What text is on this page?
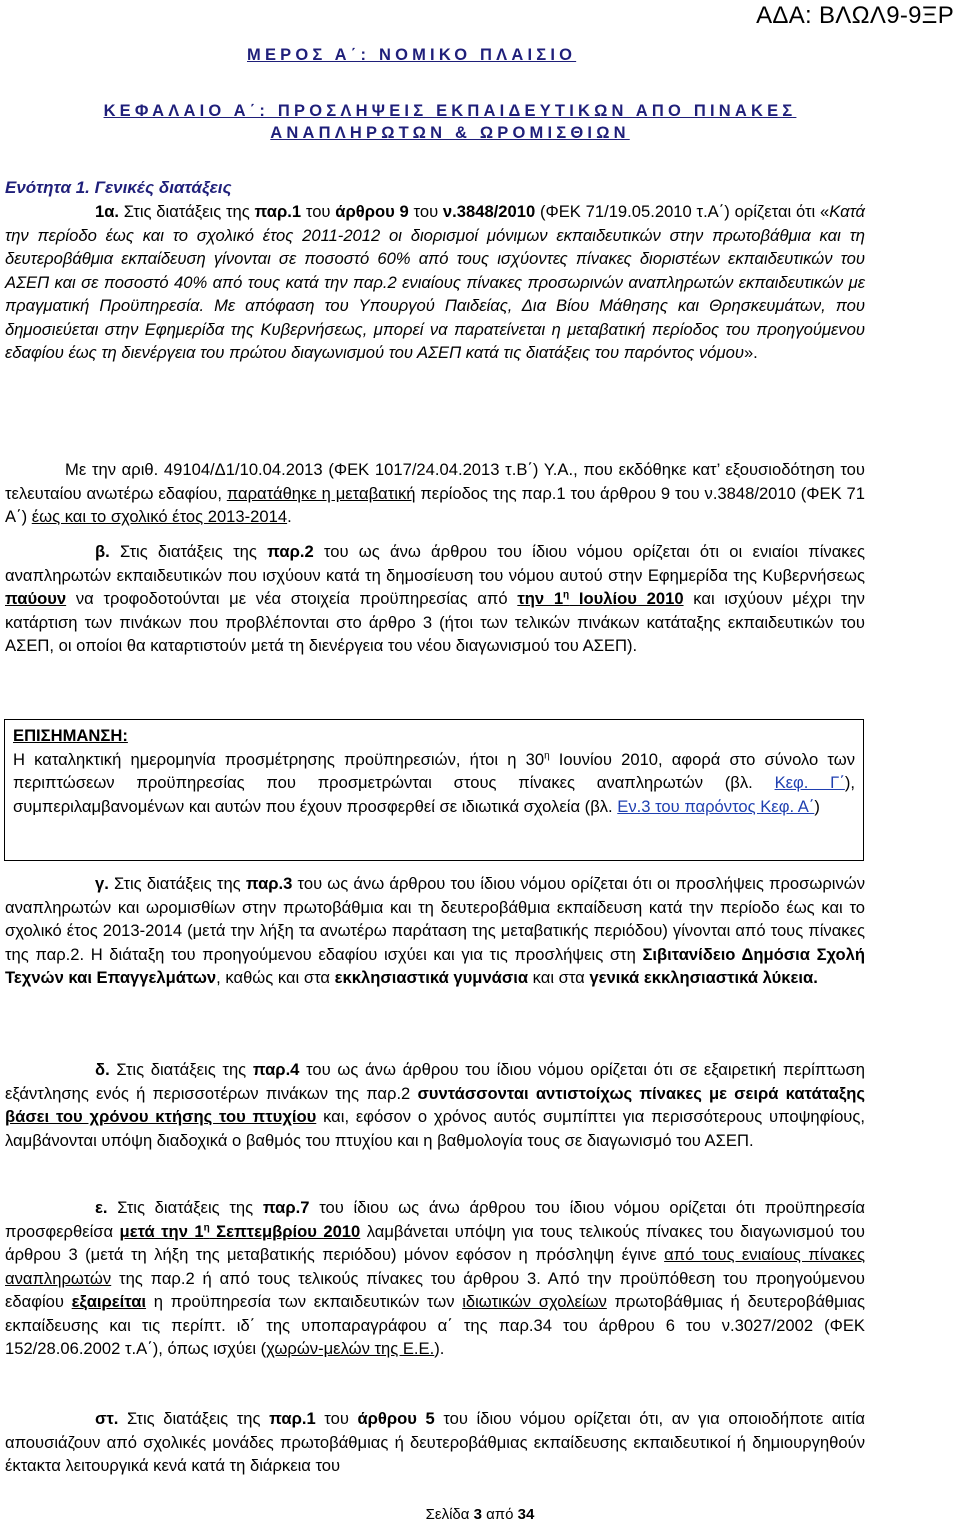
ΑΔΑ: ΒΛΩΛ9-9ΞΡ
ΜΕΡΟΣ Α΄: ΝΟΜΙΚΟ ΠΛΑΙΣΙΟ
ΚΕΦΑΛΑΙΟ Α΄: ΠΡΟΣΛΗΨΕΙΣ ΕΚΠΑΙΔΕΥΤΙΚΩΝ ΑΠΟ ΠΙΝΑΚΕΣ ΑΝΑΠΛΗΡΩΤΩΝ & ΩΡΟΜΙΣΘΙΩΝ
Ενότητα 1. Γενικές διατάξεις
1α. Στις διατάξεις της παρ.1 του άρθρου 9 του ν.3848/2010 (ΦΕΚ 71/19.05.2010 τ.Α΄) ορίζεται ότι «Κατά την περίοδο έως και το σχολικό έτος 2011-2012 οι διορισμοί μόνιμων εκπαιδευτικών στην πρωτοβάθμια και τη δευτεροβάθμια εκπαίδευση γίνονται σε ποσοστό 60% από τους ισχύοντες πίνακες διοριστέων εκπαιδευτικών του ΑΣΕΠ και σε ποσοστό 40% από τους κατά την παρ.2 ενιαίους πίνακες προσωρινών αναπληρωτών εκπαιδευτικών με πραγματική Προϋπηρεσία. Με απόφαση του Υπουργού Παιδείας, Δια Βίου Μάθησης και Θρησκευμάτων, που δημοσιεύεται στην Εφημερίδα της Κυβερνήσεως, μπορεί να παρατείνεται η μεταβατική περίοδος του προηγούμενου εδαφίου έως τη διενέργεια του πρώτου διαγωνισμού του ΑΣΕΠ κατά τις διατάξεις του παρόντος νόμου».
Με την αριθ. 49104/Δ1/10.04.2013 (ΦΕΚ 1017/24.04.2013 τ.Β΄) Υ.Α., που εκδόθηκε κατ’ εξουσιοδότηση του τελευταίου ανωτέρω εδαφίου, παρατάθηκε η μεταβατική περίοδος της παρ.1 του άρθρου 9 του ν.3848/2010 (ΦΕΚ 71 Α΄) έως και το σχολικό έτος 2013-2014.
β. Στις διατάξεις της παρ.2 του ως άνω άρθρου του ίδιου νόμου ορίζεται ότι οι ενιαίοι πίνακες αναπληρωτών εκπαιδευτικών που ισχύουν κατά τη δημοσίευση του νόμου αυτού στην Εφημερίδα της Κυβερνήσεως παύουν να τροφοδοτούνται με νέα στοιχεία προϋπηρεσίας από την $1^\eta$ Ιουλίου 2010 και ισχύουν μέχρι την κατάρτιση των πινάκων που προβλέπονται στο άρθρο 3 (ήτοι των τελικών πινάκων κατάταξης εκπαιδευτικών του ΑΣΕΠ, οι οποίοι θα καταρτιστούν μετά τη διενέργεια του νέου διαγωνισμού του ΑΣΕΠ).
ΕΠΙΣΗΜΑΝΣΗ:
Η καταληκτική ημερομηνία προσμέτρησης προϋπηρεσιών, ήτοι η $30^\eta$ Ιουνίου 2010, αφορά στο σύνολο των περιπτώσεων προϋπηρεσίας που προσμετρώνται στους πίνακες αναπληρωτών (βλ. Κεφ. Γ΄), συμπεριλαμβανομένων και αυτών που έχουν προσφερθεί σε ιδιωτικά σχολεία (βλ. Εν.3 του παρόντος Κεφ. Α΄)
γ. Στις διατάξεις της παρ.3 του ως άνω άρθρου του ίδιου νόμου ορίζεται ότι οι προσλήψεις προσωρινών αναπληρωτών και ωρομισθίων στην πρωτοβάθμια και τη δευτεροβάθμια εκπαίδευση κατά την περίοδο έως και το σχολικό έτος 2013-2014 (μετά την λήξη τα ανωτέρω παράταση της μεταβατικής περιόδου) γίνονται από τους πίνακες της παρ.2. Η διάταξη του προηγούμενου εδαφίου ισχύει και για τις προσλήψεις στη Σιβιτανίδειο Δημόσια Σχολή Τεχνών και Επαγγελμάτων, καθώς και στα εκκλησιαστικά γυμνάσια και στα γενικά εκκλησιαστικά λύκεια.
δ. Στις διατάξεις της παρ.4 του ως άνω άρθρου του ίδιου νόμου ορίζεται ότι σε εξαιρετική περίπτωση εξάντλησης ενός ή περισσοτέρων πινάκων της παρ.2 συντάσσονται αντιστοίχως πίνακες με σειρά κατάταξης βάσει του χρόνου κτήσης του πτυχίου και, εφόσον ο χρόνος αυτός συμπίπτει για περισσότερους υποψηφίους, λαμβάνονται υπόψη διαδοχικά ο βαθμός του πτυχίου και η βαθμολογία τους σε διαγωνισμό του ΑΣΕΠ.
ε. Στις διατάξεις της παρ.7 του ίδιου ως άνω άρθρου του ίδιου νόμου ορίζεται ότι προϋπηρεσία προσφερθείσα μετά την $1^\eta$ Σεπτεμβρίου 2010 λαμβάνεται υπόψη για τους τελικούς πίνακες του διαγωνισμού του άρθρου 3 (μετά τη λήξη της μεταβατικής περιόδου) μόνον εφόσον η πρόσληψη έγινε από τους ενιαίους πίνακες αναπληρωτών της παρ.2 ή από τους τελικούς πίνακες του άρθρου 3. Από την προϋπόθεση του προηγούμενου εδαφίου εξαιρείται η προϋπηρεσία των εκπαιδευτικών των ιδιωτικών σχολείων πρωτοβάθμιας ή δευτεροβάθμιας εκπαίδευσης και τις περίπτ. ιδ΄ της υποπαραγράφου α΄ της παρ.34 του άρθρου 6 του ν.3027/2002 (ΦΕΚ 152/28.06.2002 τ.Α΄), όπως ισχύει (χωρών-μελών της Ε.Ε.).
στ. Στις διατάξεις της παρ.1 του άρθρου 5 του ίδιου νόμου ορίζεται ότι, αν για οποιοδήποτε αιτία απουσιάζουν από σχολικές μονάδες πρωτοβάθμιας ή δευτεροβάθμιας εκπαίδευσης εκπαιδευτικοί ή δημιουργηθούν έκτακτα λειτουργικά κενά κατά τη διάρκεια του
Σελίδα 3 από 34
